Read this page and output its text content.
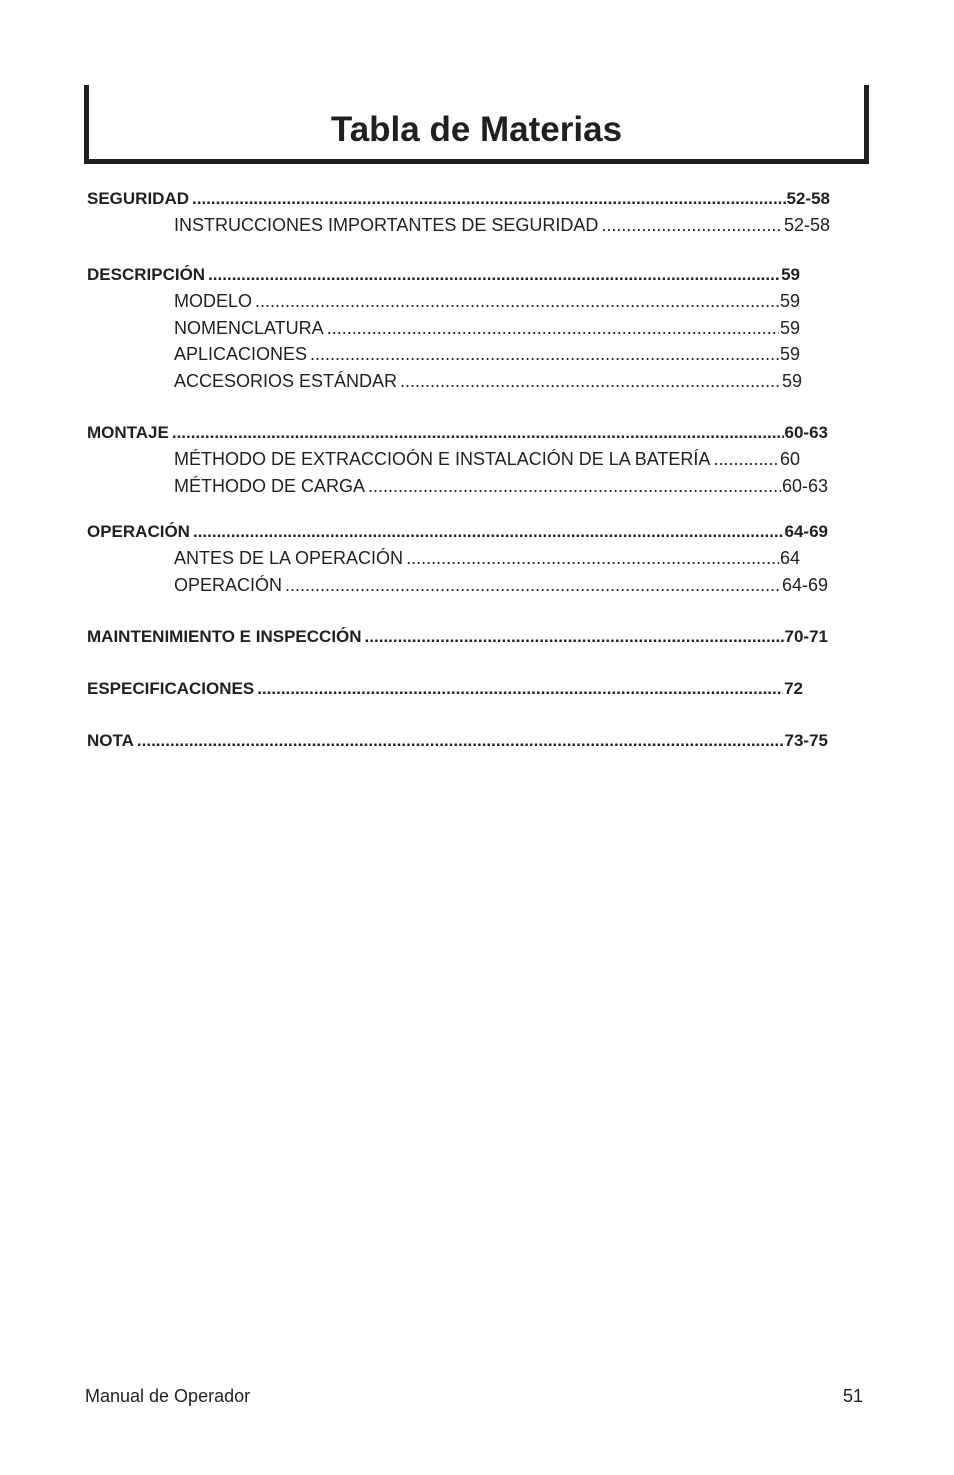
Tabla de Materias
SEGURIDAD .....	52-58
INSTRUCCIONES IMPORTANTES DE SEGURIDAD .....	52-58
DESCRIPCIÓN .....	59
MODELO .....	59
NOMENCLATURA .....	59
APLICACIONES .....	59
ACCESORIOS ESTÁNDAR .....	59
MONTAJE .....	60-63
MÉTHODO DE EXTRACCIOÓN E INSTALACIÓN DE LA BATERÍA .....	60
MÉTHODO DE CARGA .....	60-63
OPERACIÓN .....	64-69
ANTES DE LA OPERACIÓN .....	64
OPERACIÓN .....	64-69
MAINTENIMIENTO E INSPECCIÓN .....	70-71
ESPECIFICACIONES .....	72
NOTA .....	73-75
Manual de Operador	51
